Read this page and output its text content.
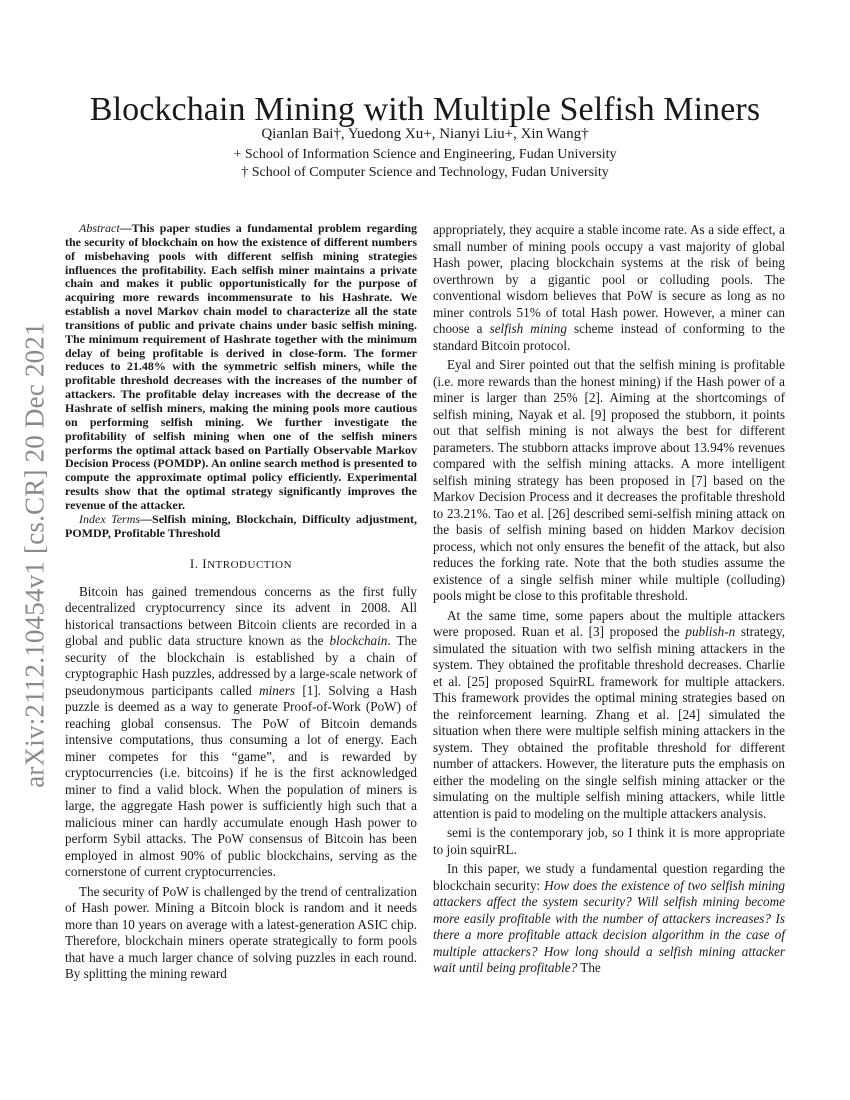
arXiv:2112.10454v1 [cs.CR] 20 Dec 2021
Blockchain Mining with Multiple Selfish Miners
Qianlan Bai†, Yuedong Xu+, Nianyi Liu+, Xin Wang†
+ School of Information Science and Engineering, Fudan University
† School of Computer Science and Technology, Fudan University

Abstract—This paper studies a fundamental problem regarding the security of blockchain on how the existence of different numbers of misbehaving pools with different selfish mining strategies influences the profitability. Each selfish miner maintains a private chain and makes it public opportunistically for the purpose of acquiring more rewards incommensurate to his Hashrate. We establish a novel Markov chain model to characterize all the state transitions of public and private chains under basic selfish mining. The minimum requirement of Hashrate together with the minimum delay of being profitable is derived in close-form. The former reduces to 21.48% with the symmetric selfish miners, while the profitable threshold decreases with the increases of the number of attackers. The profitable delay increases with the decrease of the Hashrate of selfish miners, making the mining pools more cautious on performing selfish mining. We further investigate the profitability of selfish mining when one of the selfish miners performs the optimal attack based on Partially Observable Markov Decision Process (POMDP). An online search method is presented to compute the approximate optimal policy efficiently. Experimental results show that the optimal strategy significantly improves the revenue of the attacker.

Index Terms—Selfish mining, Blockchain, Difficulty adjustment, POMDP, Profitable Threshold

I. INTRODUCTION

Bitcoin has gained tremendous concerns as the first fully decentralized cryptocurrency since its advent in 2008. All historical transactions between Bitcoin clients are recorded in a global and public data structure known as the blockchain. The security of the blockchain is established by a chain of cryptographic Hash puzzles, addressed by a large-scale network of pseudonymous participants called miners [1]. Solving a Hash puzzle is deemed as a way to generate Proof-of-Work (PoW) of reaching global consensus. The PoW of Bitcoin demands intensive computations, thus consuming a lot of energy. Each miner competes for this “game”, and is rewarded by cryptocurrencies (i.e. bitcoins) if he is the first acknowledged miner to find a valid block. When the population of miners is large, the aggregate Hash power is sufficiently high such that a malicious miner can hardly accumulate enough Hash power to perform Sybil attacks. The PoW consensus of Bitcoin has been employed in almost 90% of public blockchains, serving as the cornerstone of current cryptocurrencies.

The security of PoW is challenged by the trend of centralization of Hash power. Mining a Bitcoin block is random and it needs more than 10 years on average with a latest-generation ASIC chip. Therefore, blockchain miners operate strategically to form pools that have a much larger chance of solving puzzles in each round. By splitting the mining reward

appropriately, they acquire a stable income rate. As a side effect, a small number of mining pools occupy a vast majority of global Hash power, placing blockchain systems at the risk of being overthrown by a gigantic pool or colluding pools. The conventional wisdom believes that PoW is secure as long as no miner controls 51% of total Hash power. However, a miner can choose a selfish mining scheme instead of conforming to the standard Bitcoin protocol.

Eyal and Sirer pointed out that the selfish mining is profitable (i.e. more rewards than the honest mining) if the Hash power of a miner is larger than 25% [2]. Aiming at the shortcomings of selfish mining, Nayak et al. [9] proposed the stubborn, it points out that selfish mining is not always the best for different parameters. The stubborn attacks improve about 13.94% revenues compared with the selfish mining attacks. A more intelligent selfish mining strategy has been proposed in [7] based on the Markov Decision Process and it decreases the profitable threshold to 23.21%. Tao et al. [26] described semi-selfish mining attack on the basis of selfish mining based on hidden Markov decision process, which not only ensures the benefit of the attack, but also reduces the forking rate. Note that the both studies assume the existence of a single selfish miner while multiple (colluding) pools might be close to this profitable threshold.

At the same time, some papers about the multiple attackers were proposed. Ruan et al. [3] proposed the publish-n strategy, simulated the situation with two selfish mining attackers in the system. They obtained the profitable threshold decreases. Charlie et al. [25] proposed SquirRL framework for multiple attackers. This framework provides the optimal mining strategies based on the reinforcement learning. Zhang et al. [24] simulated the situation when there were multiple selfish mining attackers in the system. They obtained the profitable threshold for different number of attackers. However, the literature puts the emphasis on either the modeling on the single selfish mining attacker or the simulating on the multiple selfish mining attackers, while little attention is paid to modeling on the multiple attackers analysis.

semi is the contemporary job, so I think it is more appropriate to join squirRL.

In this paper, we study a fundamental question regarding the blockchain security: How does the existence of two selfish mining attackers affect the system security? Will selfish mining become more easily profitable with the number of attackers increases? Is there a more profitable attack decision algorithm in the case of multiple attackers? How long should a selfish mining attacker wait until being profitable? The
